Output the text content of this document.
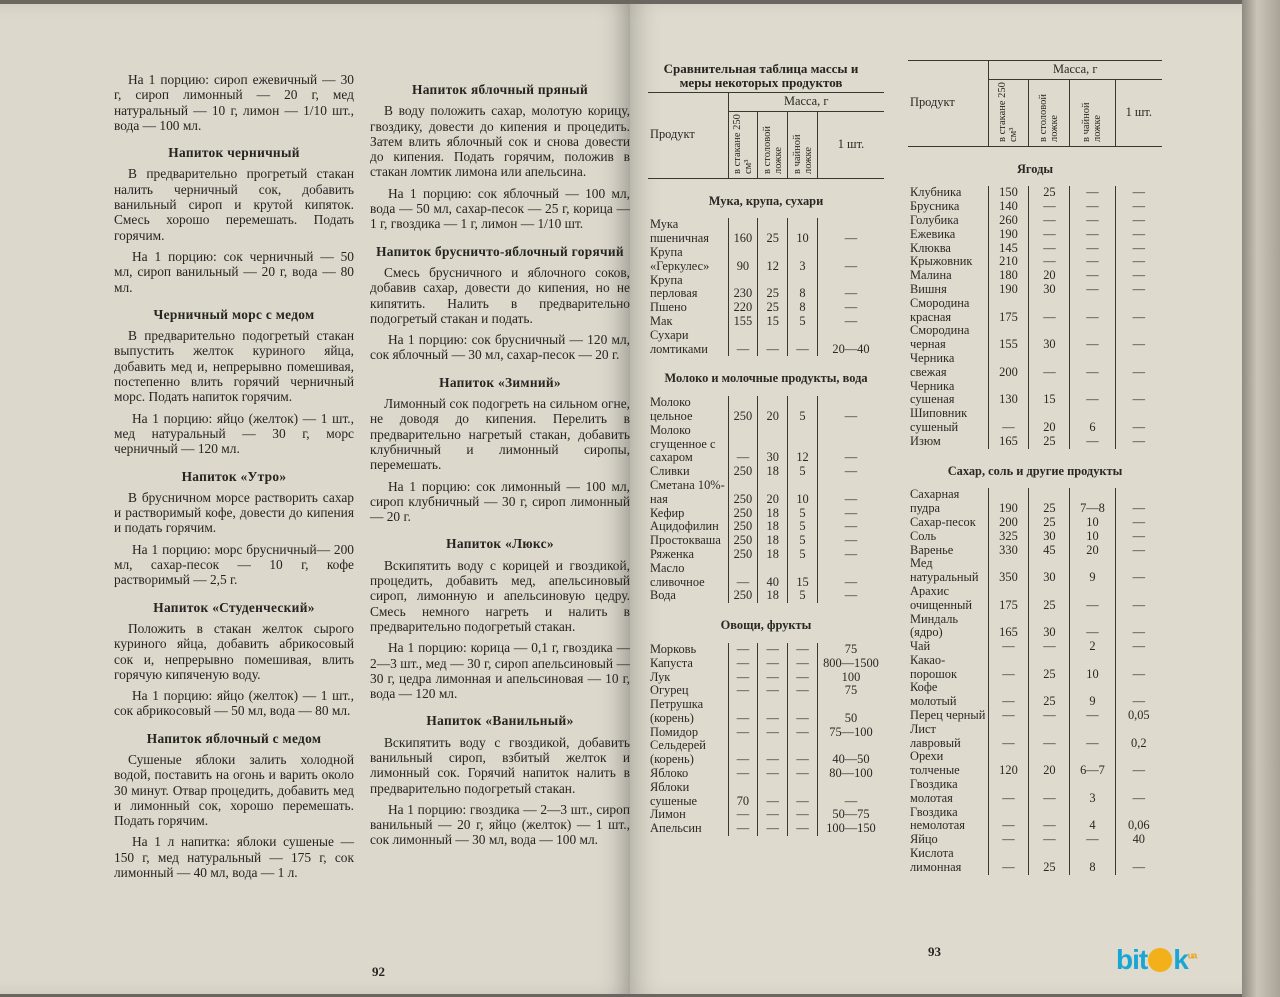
На 1 порцию: сироп ежевичный — 30 г, сироп лимонный — 20 г, мед натуральный — 10 г, лимон — 1/10 шт., вода — 100 мл.
Напиток черничный
В предварительно прогретый стакан налить черничный сок, добавить ванильный сироп и крутой кипяток. Смесь хорошо перемешать. Подать горячим.
На 1 порцию: сок черничный — 50 мл, сироп ванильный — 20 г, вода — 80 мл.
Черничный морс с медом
В предварительно подогретый стакан выпустить желток куриного яйца, добавить мед и, непрерывно помешивая, постепенно влить горячий черничный морс. Подать напиток горячим.
На 1 порцию: яйцо (желток) — 1 шт., мед натуральный — 30 г, морс черничный — 120 мл.
Напиток «Утро»
В брусничном морсе растворить сахар и растворимый кофе, довести до кипения и подать горячим.
На 1 порцию: морс брусничный— 200 мл, сахар-песок — 10 г, кофе растворимый — 2,5 г.
Напиток «Студенческий»
Положить в стакан желток сырого куриного яйца, добавить абрикосовый сок и, непрерывно помешивая, влить горячую кипяченую воду.
На 1 порцию: яйцо (желток) — 1 шт., сок абрикосовый — 50 мл, вода — 80 мл.
Напиток яблочный с медом
Сушеные яблоки залить холодной водой, поставить на огонь и варить около 30 минут. Отвар процедить, добавить мед и лимонный сок, хорошо перемешать. Подать горячим.
На 1 л напитка: яблоки сушеные — 150 г, мед натуральный — 175 г, сок лимонный — 40 мл, вода — 1 л.
Напиток яблочный пряный
В воду положить сахар, молотую корицу, гвоздику, довести до кипения и процедить. Затем влить яблочный сок и снова довести до кипения. Подать горячим, положив в стакан ломтик лимона или апельсина.
На 1 порцию: сок яблочный — 100 мл, вода — 50 мл, сахар-песок — 25 г, корица — 1 г, гвоздика — 1 г, лимон — 1/10 шт.
Напиток брусничто-яблочный горячий
Смесь брусничного и яблочного соков, добавив сахар, довести до кипения, но не кипятить. Налить в предварительно подогретый стакан и подать.
На 1 порцию: сок брусничный — 120 мл, сок яблочный — 30 мл, сахар-песок — 20 г.
Напиток «Зимний»
Лимонный сок подогреть на сильном огне, не доводя до кипения. Перелить в предварительно нагретый стакан, добавить клубничный и лимонный сиропы, перемешать.
На 1 порцию: сок лимонный — 100 мл, сироп клубничный — 30 г, сироп лимонный — 20 г.
Напиток «Люкс»
Вскипятить воду с корицей и гвоздикой, процедить, добавить мед, апельсиновый сироп, лимонную и апельсиновую цедру. Смесь немного нагреть и налить в предварительно подогретый стакан.
На 1 порцию: корица — 0,1 г, гвоздика — 2—3 шт., мед — 30 г, сироп апельсиновый — 30 г, цедра лимонная и апельсиновая — 10 г, вода — 120 мл.
Напиток «Ванильный»
Вскипятить воду с гвоздикой, добавить ванильный сироп, взбитый желток и лимонный сок. Горячий напиток налить в предварительно подогретый стакан.
На 1 порцию: гвоздика — 2—3 шт., сироп ванильный — 20 г, яйцо (желток) — 1 шт., сок лимонный — 30 мл, вода — 100 мл.
92
93
Сравнительная таблица массы и меры некоторых продуктов
Продукт	Масса, г			
	в стакане 250 см³	в столовой ложке	в чайной ложке	1 шт.
Мука, крупа, сухари				
Мука пшеничная	160	25	10	—
Крупа «Геркулес»	90	12	3	—
Крупа перловая	230	25	8	—
Пшено	220	25	8	—
Мак	155	15	5	—
Сухари ломтиками	—	—	—	20—40
Молоко и молочные продукты, вода				
Молоко цельное	250	20	5	—
Молоко сгущенное с сахаром	—	30	12	—
Сливки	250	18	5	—
Сметана 10%-ная	250	20	10	—
Кефир	250	18	5	—
Ацидофилин	250	18	5	—
Простокваша	250	18	5	—
Ряженка	250	18	5	—
Масло сливочное	—	40	15	—
Вода	250	18	5	—
Овощи, фрукты				
Морковь	—	—	—	75
Капуста	—	—	—	800—1500
Лук	—	—	—	100
Огурец	—	—	—	75
Петрушка (корень)	—	—	—	50
Помидор	—	—	—	75—100
Сельдерей (корень)	—	—	—	40—50
Яблоко	—	—	—	80—100
Яблоки сушеные	70	—	—	—
Лимон	—	—	—	50—75
Апельсин	—	—	—	100—150
Продукт	Масса, г			
	в стакане 250 см³	в столовой ложке	в чайной ложке	1 шт.
Ягоды				
Клубника	150	25	—	—
Брусника	140	—	—	—
Голубика	260	—	—	—
Ежевика	190	—	—	—
Клюква	145	—	—	—
Крыжовник	210	—	—	—
Малина	180	20	—	—
Вишня	190	30	—	—
Смородина красная	175	—	—	—
Смородина черная	155	30	—	—
Черника свежая	200	—	—	—
Черника сушеная	130	15	—	—
Шиповник сушеный	—	20	6	—
Изюм	165	25	—	—
Сахар, соль и другие продукты				
Сахарная пудра	190	25	7—8	—
Сахар-песок	200	25	10	—
Соль	325	30	10	—
Варенье	330	45	20	—
Мед натуральный	350	30	9	—
Арахис очищенный	175	25	—	—
Миндаль (ядро)	165	30	—	—
Чай	—	—	2	—
Какао-порошок	—	25	10	—
Кофе молотый	—	25	9	—
Перец черный	—	—	—	0,05
Лист лавровый	—	—	—	0,2
Орехи толченые	120	20	6—7	—
Гвоздика молотая	—	—	3	—
Гвоздика немолотая	—	—	4	0,06
Яйцо	—	—	—	40
Кислота лимонная	—	25	8	—
bit $k^{ua}$
